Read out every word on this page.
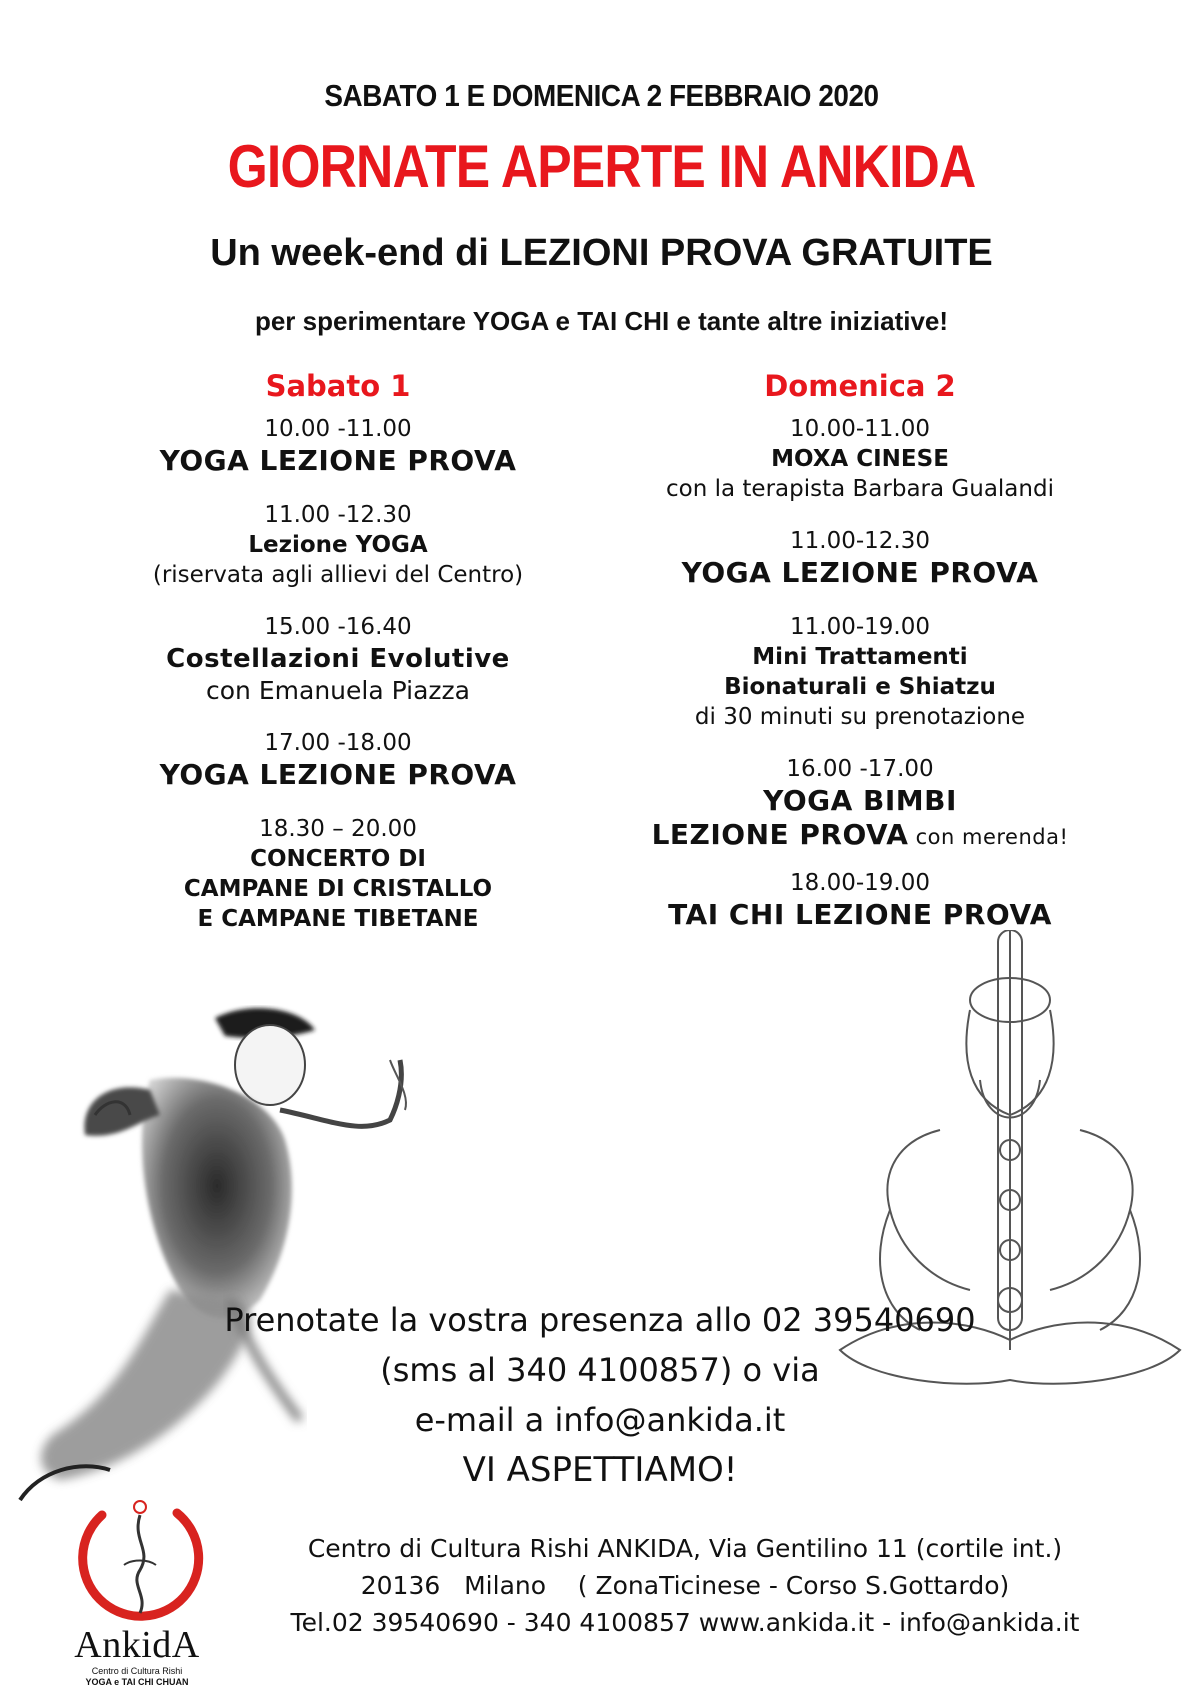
SABATO 1 E DOMENICA 2 FEBBRAIO 2020
GIORNATE APERTE IN ANKIDA
Un week-end di LEZIONI PROVA GRATUITE
per sperimentare YOGA e TAI CHI e tante altre iniziative!
Sabato 1
10.00 -11.00
YOGA LEZIONE PROVA
11.00 -12.30
Lezione YOGA
(riservata agli allievi del Centro)
15.00 -16.40
Costellazioni Evolutive
con Emanuela Piazza
17.00 -18.00
YOGA LEZIONE PROVA
18.30 – 20.00
CONCERTO DI
CAMPANE DI CRISTALLO
E CAMPANE TIBETANE
Domenica 2
10.00-11.00
MOXA CINESE
con la terapista Barbara Gualandi
11.00-12.30
YOGA LEZIONE PROVA
11.00-19.00
Mini Trattamenti
Bionaturali e Shiatzu
di 30 minuti su prenotazione
16.00 -17.00
YOGA BIMBI
LEZIONE PROVA con merenda!
18.00-19.00
TAI CHI LEZIONE PROVA
Prenotate la vostra presenza allo 02 39540690
(sms al 340 4100857) o via
e-mail a info@ankida.it
VI ASPETTIAMO!
AnkidA
Centro di Cultura Rishi
YOGA e TAI CHI CHUAN
Centro di Cultura Rishi ANKIDA, Via Gentilino 11 (cortile int.)
20136   Milano    ( ZonaTicinese - Corso S.Gottardo)
Tel.02 39540690 - 340 4100857 www.ankida.it - info@ankida.it
